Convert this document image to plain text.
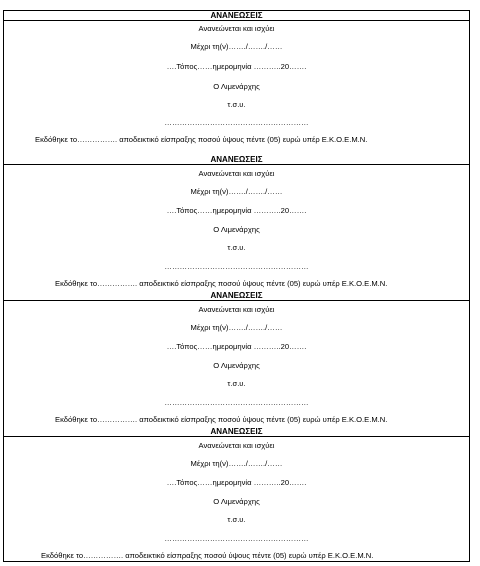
ΑΝΑΝΕΩΣΕΙΣ
Ανανεώνεται και ισχύει
Μέχρι τη(ν)……./……./……
….Τόπος……ημερομηνία ………..20…….
Ο Λιμενάρχης
τ.σ.υ.
…………………………………………………
Εκδόθηκε το……………. αποδεικτικό είσπραξης ποσού ύψους πέντε (05) ευρώ υπέρ Ε.Κ.Ο.Ε.Μ.Ν.
ΑΝΑΝΕΩΣΕΙΣ
Ανανεώνεται και ισχύει
Μέχρι τη(ν)……./……./……
….Τόπος……ημερομηνία ………..20…….
Ο Λιμενάρχης
τ.σ.υ.
…………………………………………………
Εκδόθηκε το……………. αποδεικτικό είσπραξης ποσού ύψους πέντε (05) ευρώ υπέρ Ε.Κ.Ο.Ε.Μ.Ν.
ΑΝΑΝΕΩΣΕΙΣ
Ανανεώνεται και ισχύει
Μέχρι τη(ν)……./……./……
….Τόπος……ημερομηνία ………..20…….
Ο Λιμενάρχης
τ.σ.υ.
…………………………………………………
Εκδόθηκε το……………. αποδεικτικό είσπραξης ποσού ύψους πέντε (05) ευρώ υπέρ Ε.Κ.Ο.Ε.Μ.Ν.
ΑΝΑΝΕΩΣΕΙΣ
Ανανεώνεται και ισχύει
Μέχρι τη(ν)……./……./……
….Τόπος……ημερομηνία ………..20…….
Ο Λιμενάρχης
τ.σ.υ.
…………………………………………………
Εκδόθηκε το……………. αποδεικτικό είσπραξης ποσού ύψους πέντε (05) ευρώ υπέρ Ε.Κ.Ο.Ε.Μ.Ν.
